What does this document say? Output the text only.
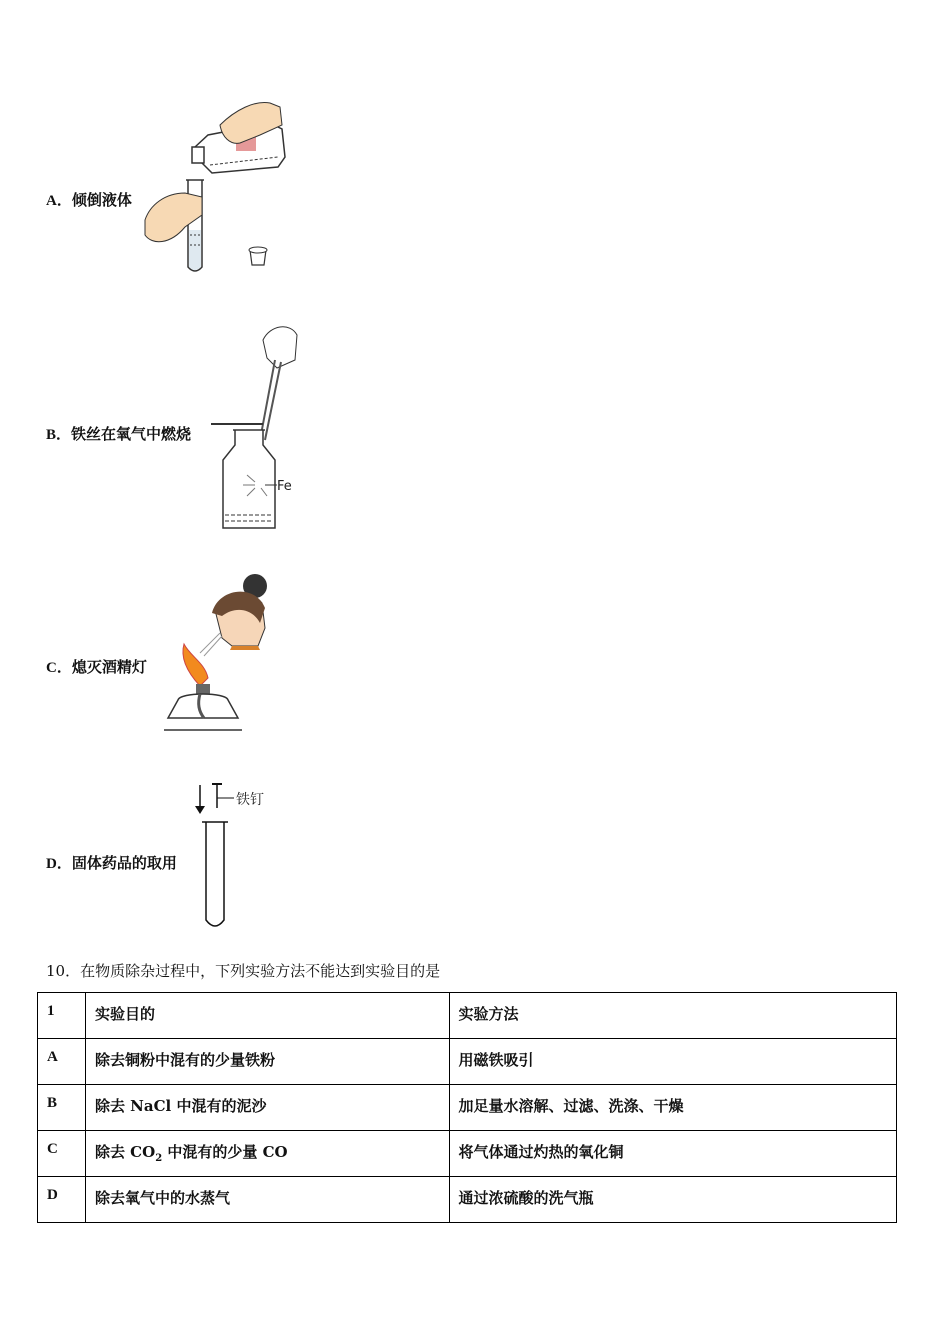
A．倾倒液体
B．铁丝在氧气中燃烧
Fe
C．熄灭酒精灯
D．固体药品的取用
铁钉
10．在物质除杂过程中，下列实验方法不能达到实验目的是
1	实验目的	实验方法
A	除去铜粉中混有的少量铁粉	用磁铁吸引
B	除去 NaCl 中混有的泥沙	加足量水溶解、过滤、洗涤、干燥
C	除去 $CO_2$ 中混有的少量 CO	将气体通过灼热的氧化铜
D	除去氧气中的水蒸气	通过浓硫酸的洗气瓶
